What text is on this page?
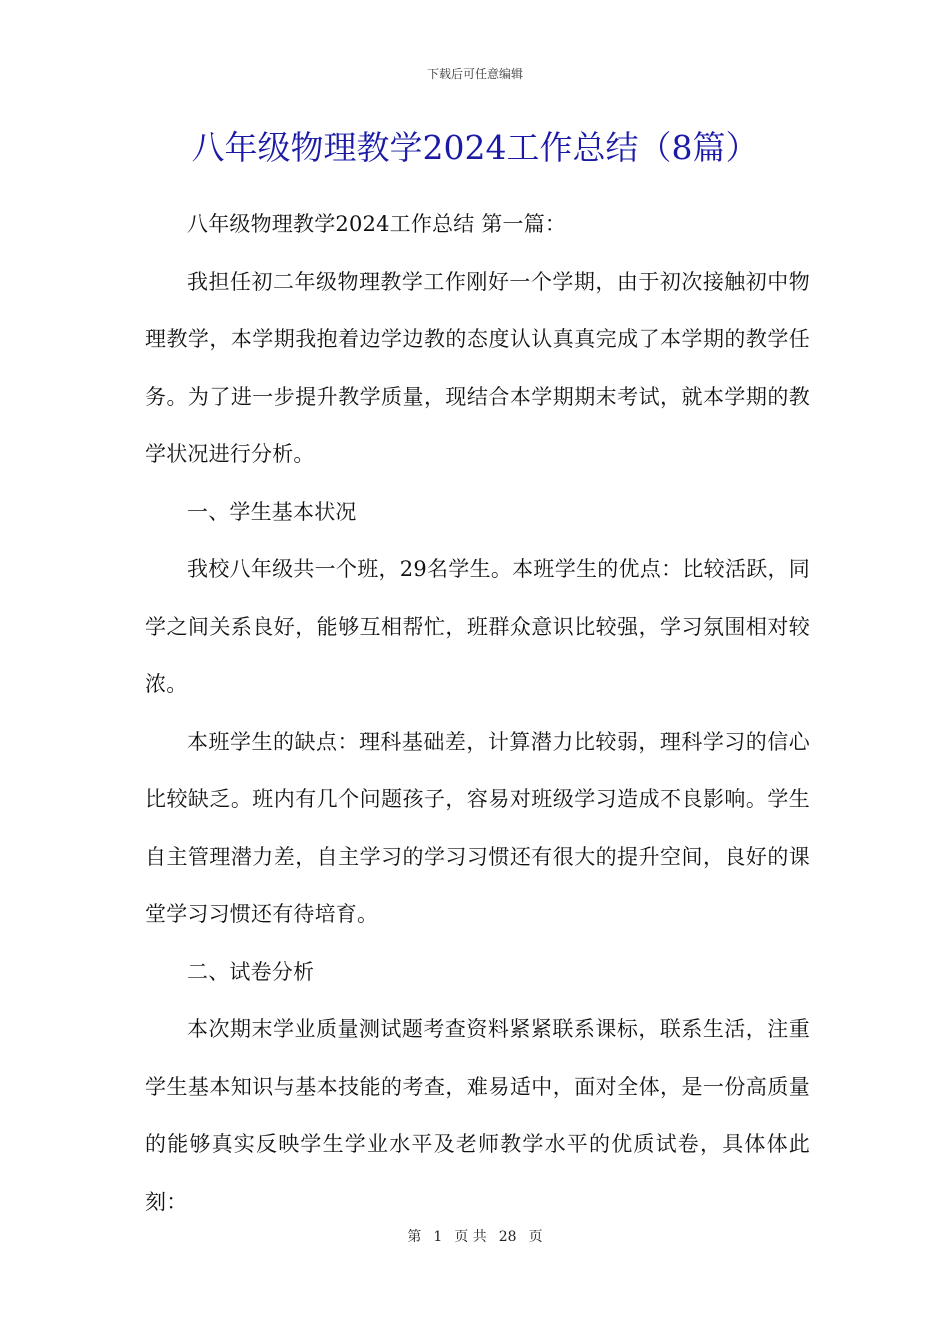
下载后可任意编辑
八年级物理教学2024工作总结（8篇）

八年级物理教学2024工作总结 第一篇：

我担任初二年级物理教学工作刚好一个学期，由于初次接触初中物理教学，本学期我抱着边学边教的态度认认真真完成了本学期的教学任务。为了进一步提升教学质量，现结合本学期期末考试，就本学期的教学状况进行分析。

一、学生基本状况

我校八年级共一个班，29名学生。本班学生的优点：比较活跃，同学之间关系良好，能够互相帮忙，班群众意识比较强，学习氛围相对较浓。

本班学生的缺点：理科基础差，计算潜力比较弱，理科学习的信心比较缺乏。班内有几个问题孩子，容易对班级学习造成不良影响。学生自主管理潜力差，自主学习的学习习惯还有很大的提升空间，良好的课堂学习习惯还有待培育。

二、试卷分析

本次期末学业质量测试题考查资料紧紧联系课标，联系生活，注重学生基本知识与基本技能的考查，难易适中，面对全体，是一份高质量的能够真实反映学生学业水平及老师教学水平的优质试卷，具体体此刻：

第 1 页 共 28 页
